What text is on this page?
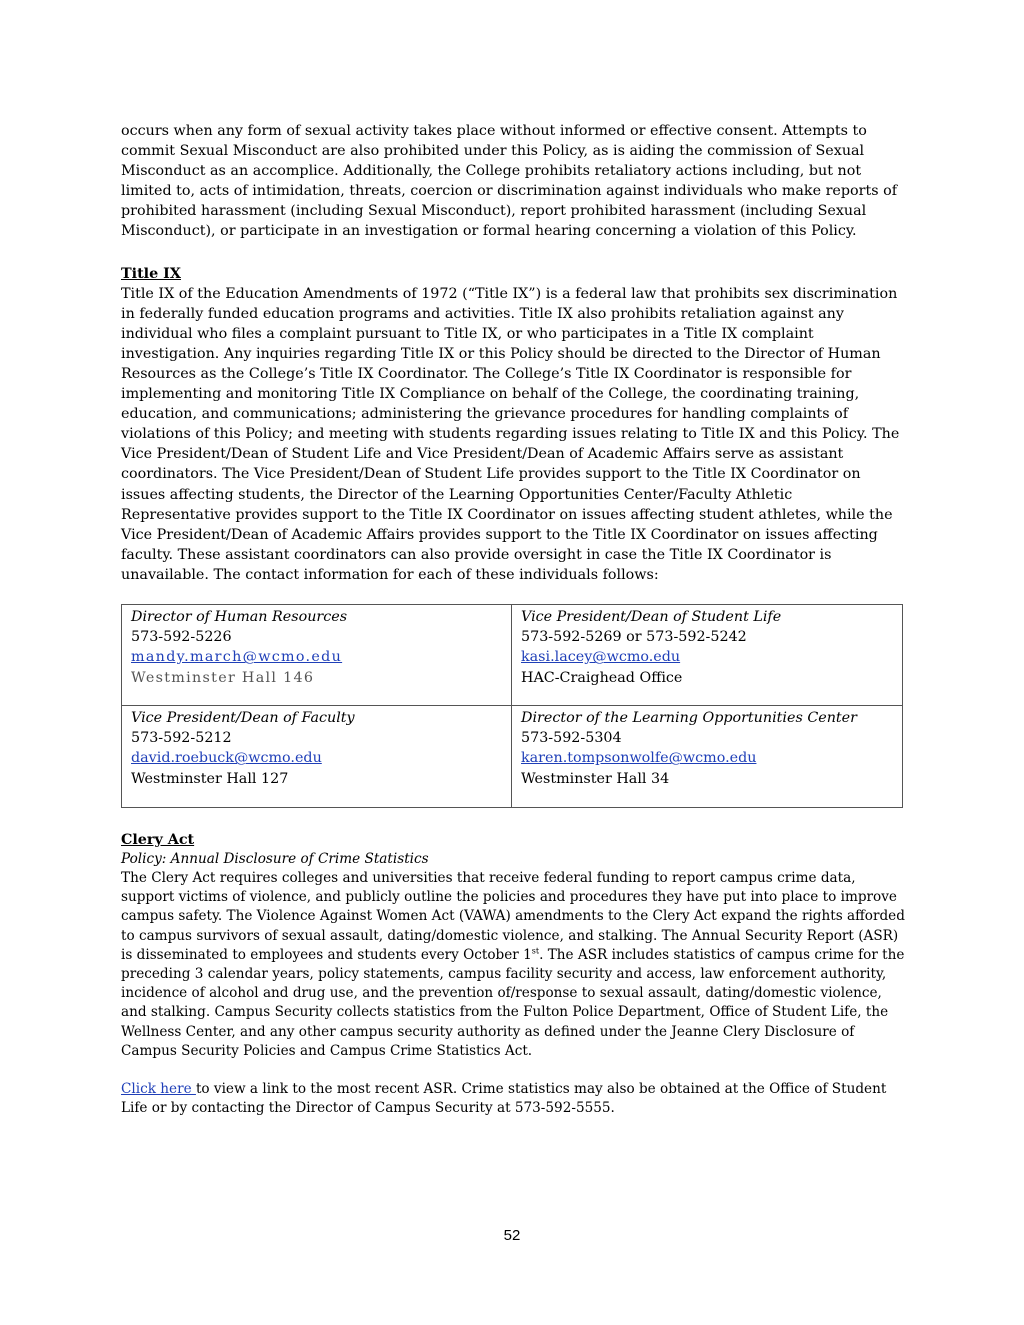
occurs when any form of sexual activity takes place without informed or effective consent. Attempts to commit Sexual Misconduct are also prohibited under this Policy, as is aiding the commission of Sexual Misconduct as an accomplice. Additionally, the College prohibits retaliatory actions including, but not limited to, acts of intimidation, threats, coercion or discrimination against individuals who make reports of prohibited harassment (including Sexual Misconduct), report prohibited harassment (including Sexual Misconduct), or participate in an investigation or formal hearing concerning a violation of this Policy.

Title IX

Title IX of the Education Amendments of 1972 (“Title IX”) is a federal law that prohibits sex discrimination in federally funded education programs and activities. Title IX also prohibits retaliation against any individual who files a complaint pursuant to Title IX, or who participates in a Title IX complaint investigation. Any inquiries regarding Title IX or this Policy should be directed to the Director of Human Resources as the College’s Title IX Coordinator. The College’s Title IX Coordinator is responsible for implementing and monitoring Title IX Compliance on behalf of the College, the coordinating training, education, and communications; administering the grievance procedures for handling complaints of violations of this Policy; and meeting with students regarding issues relating to Title IX and this Policy. The Vice President/Dean of Student Life and Vice President/Dean of Academic Affairs serve as assistant coordinators. The Vice President/Dean of Student Life provides support to the Title IX Coordinator on issues affecting students, the Director of the Learning Opportunities Center/Faculty Athletic Representative provides support to the Title IX Coordinator on issues affecting student athletes, while the Vice President/Dean of Academic Affairs provides support to the Title IX Coordinator on issues affecting faculty. These assistant coordinators can also provide oversight in case the Title IX Coordinator is unavailable. The contact information for each of these individuals follows:

Director of Human Resources
573-592-5226
mandy.march@wcmo.edu
Westminster Hall 146
Vice President/Dean of Student Life
573-592-5269 or 573-592-5242
kasi.lacey@wcmo.edu
HAC-Craighead Office
Vice President/Dean of Faculty
573-592-5212
david.roebuck@wcmo.edu
Westminster Hall 127
Director of the Learning Opportunities Center
573-592-5304
karen.tompsonwolfe@wcmo.edu
Westminster Hall 34

Clery Act

Policy: Annual Disclosure of Crime Statistics

The Clery Act requires colleges and universities that receive federal funding to report campus crime data, support victims of violence, and publicly outline the policies and procedures they have put into place to improve campus safety. The Violence Against Women Act (VAWA) amendments to the Clery Act expand the rights afforded to campus survivors of sexual assault, dating/domestic violence, and stalking. The Annual Security Report (ASR) is disseminated to employees and students every October 1st. The ASR includes statistics of campus crime for the preceding 3 calendar years, policy statements, campus facility security and access, law enforcement authority, incidence of alcohol and drug use, and the prevention of/response to sexual assault, dating/domestic violence, and stalking. Campus Security collects statistics from the Fulton Police Department, Office of Student Life, the Wellness Center, and any other campus security authority as defined under the Jeanne Clery Disclosure of Campus Security Policies and Campus Crime Statistics Act.

Click here to view a link to the most recent ASR. Crime statistics may also be obtained at the Office of Student Life or by contacting the Director of Campus Security at 573-592-5555.

52
